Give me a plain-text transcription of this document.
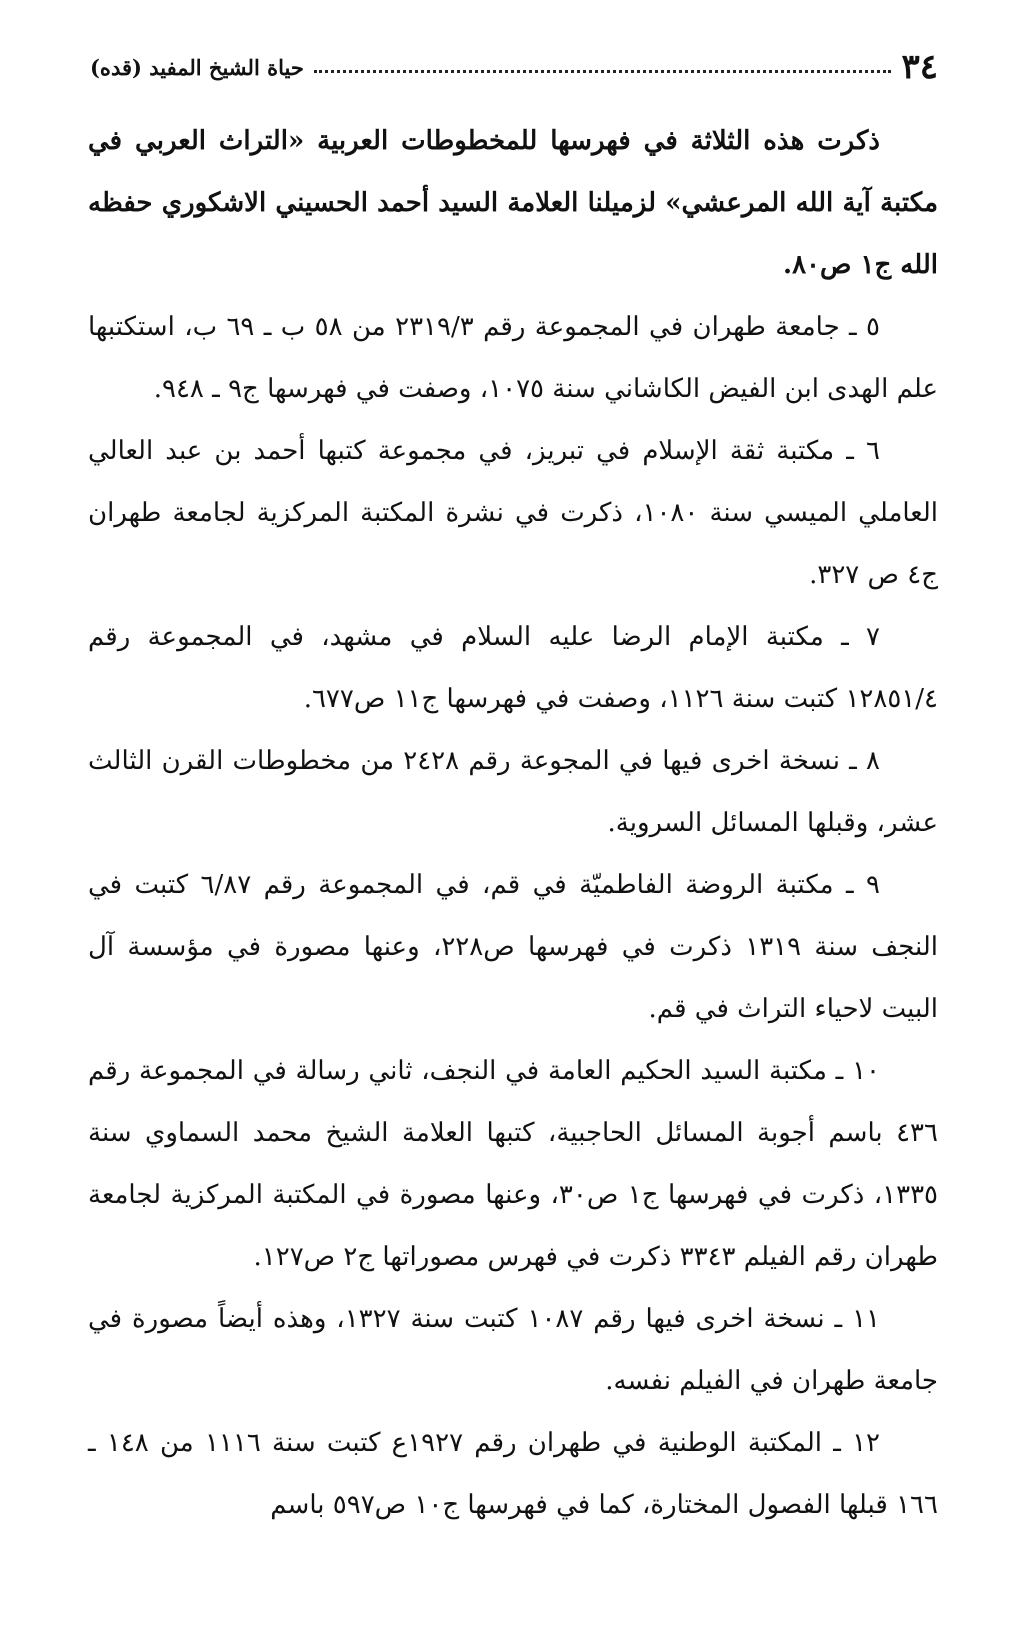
٣٤
حياة الشيخ المفيد (قده)

ذكرت هذه الثلاثة في فهرسها للمخطوطات العربية «التراث العربي في مكتبة آية الله المرعشي» لزميلنا العلامة السيد أحمد الحسيني الاشكوري حفظه الله ج١ ص٨٠.

٥ ـ جامعة طهران في المجموعة رقم ٢٣١٩/٣ من ٥٨ ب ـ ٦٩ ب، استكتبها علم الهدى ابن الفيض الكاشاني سنة ١٠٧٥، وصفت في فهرسها ج٩ ـ ٩٤٨.

٦ ـ مكتبة ثقة الإسلام في تبريز، في مجموعة كتبها أحمد بن عبد العالي العاملي الميسي سنة ١٠٨٠، ذكرت في نشرة المكتبة المركزية لجامعة طهران ج٤ ص ٣٢٧.

٧ ـ مكتبة الإمام الرضا عليه السلام في مشهد، في المجموعة رقم ١٢٨٥١/٤ كتبت سنة ١١٢٦، وصفت في فهرسها ج١١ ص٦٧٧.

٨ ـ نسخة اخرى فيها في المجوعة رقم ٢٤٢٨ من مخطوطات القرن الثالث عشر، وقبلها المسائل السروية.

٩ ـ مكتبة الروضة الفاطميّة في قم، في المجموعة رقم ٦/٨٧ كتبت في النجف سنة ١٣١٩ ذكرت في فهرسها ص٢٢٨، وعنها مصورة في مؤسسة آل البيت لاحياء التراث في قم.

١٠ ـ مكتبة السيد الحكيم العامة في النجف، ثاني رسالة في المجموعة رقم ٤٣٦ باسم أجوبة المسائل الحاجبية، كتبها العلامة الشيخ محمد السماوي سنة ١٣٣٥، ذكرت في فهرسها ج١ ص٣٠، وعنها مصورة في المكتبة المركزية لجامعة طهران رقم الفيلم ٣٣٤٣ ذكرت في فهرس مصوراتها ج٢ ص١٢٧.

١١ ـ نسخة اخرى فيها رقم ١٠٨٧ كتبت سنة ١٣٢٧، وهذه أيضاً مصورة في جامعة طهران في الفيلم نفسه.

١٢ ـ المكتبة الوطنية في طهران رقم ١٩٢٧ع كتبت سنة ١١١٦ من ١٤٨ ـ ١٦٦ قبلها الفصول المختارة، كما في فهرسها ج١٠ ص٥٩٧ باسم
